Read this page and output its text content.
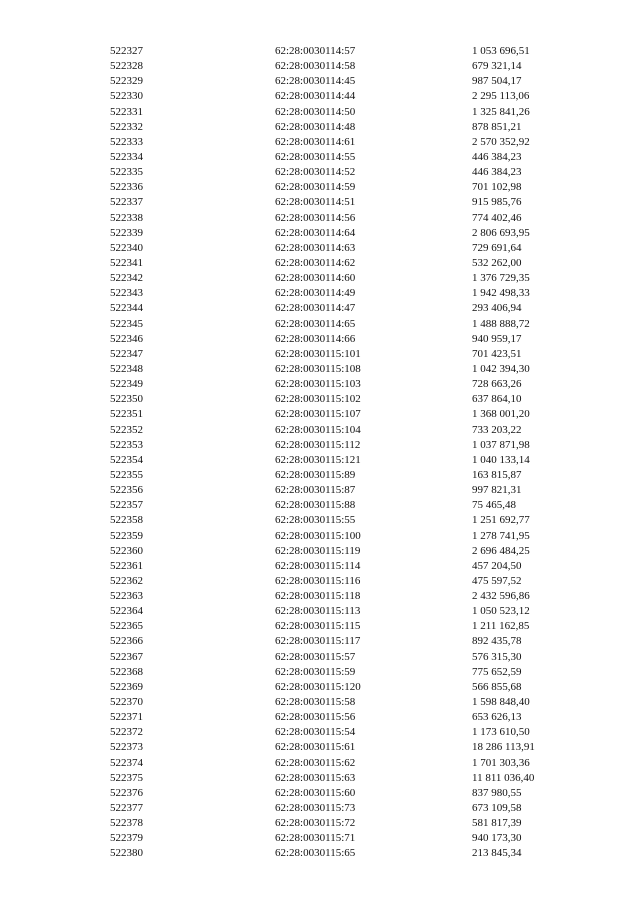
522327	62:28:0030114:57	1 053 696,51
522328	62:28:0030114:58	679 321,14
522329	62:28:0030114:45	987 504,17
522330	62:28:0030114:44	2 295 113,06
522331	62:28:0030114:50	1 325 841,26
522332	62:28:0030114:48	878 851,21
522333	62:28:0030114:61	2 570 352,92
522334	62:28:0030114:55	446 384,23
522335	62:28:0030114:52	446 384,23
522336	62:28:0030114:59	701 102,98
522337	62:28:0030114:51	915 985,76
522338	62:28:0030114:56	774 402,46
522339	62:28:0030114:64	2 806 693,95
522340	62:28:0030114:63	729 691,64
522341	62:28:0030114:62	532 262,00
522342	62:28:0030114:60	1 376 729,35
522343	62:28:0030114:49	1 942 498,33
522344	62:28:0030114:47	293 406,94
522345	62:28:0030114:65	1 488 888,72
522346	62:28:0030114:66	940 959,17
522347	62:28:0030115:101	701 423,51
522348	62:28:0030115:108	1 042 394,30
522349	62:28:0030115:103	728 663,26
522350	62:28:0030115:102	637 864,10
522351	62:28:0030115:107	1 368 001,20
522352	62:28:0030115:104	733 203,22
522353	62:28:0030115:112	1 037 871,98
522354	62:28:0030115:121	1 040 133,14
522355	62:28:0030115:89	163 815,87
522356	62:28:0030115:87	997 821,31
522357	62:28:0030115:88	75 465,48
522358	62:28:0030115:55	1 251 692,77
522359	62:28:0030115:100	1 278 741,95
522360	62:28:0030115:119	2 696 484,25
522361	62:28:0030115:114	457 204,50
522362	62:28:0030115:116	475 597,52
522363	62:28:0030115:118	2 432 596,86
522364	62:28:0030115:113	1 050 523,12
522365	62:28:0030115:115	1 211 162,85
522366	62:28:0030115:117	892 435,78
522367	62:28:0030115:57	576 315,30
522368	62:28:0030115:59	775 652,59
522369	62:28:0030115:120	566 855,68
522370	62:28:0030115:58	1 598 848,40
522371	62:28:0030115:56	653 626,13
522372	62:28:0030115:54	1 173 610,50
522373	62:28:0030115:61	18 286 113,91
522374	62:28:0030115:62	1 701 303,36
522375	62:28:0030115:63	11 811 036,40
522376	62:28:0030115:60	837 980,55
522377	62:28:0030115:73	673 109,58
522378	62:28:0030115:72	581 817,39
522379	62:28:0030115:71	940 173,30
522380	62:28:0030115:65	213 845,34
